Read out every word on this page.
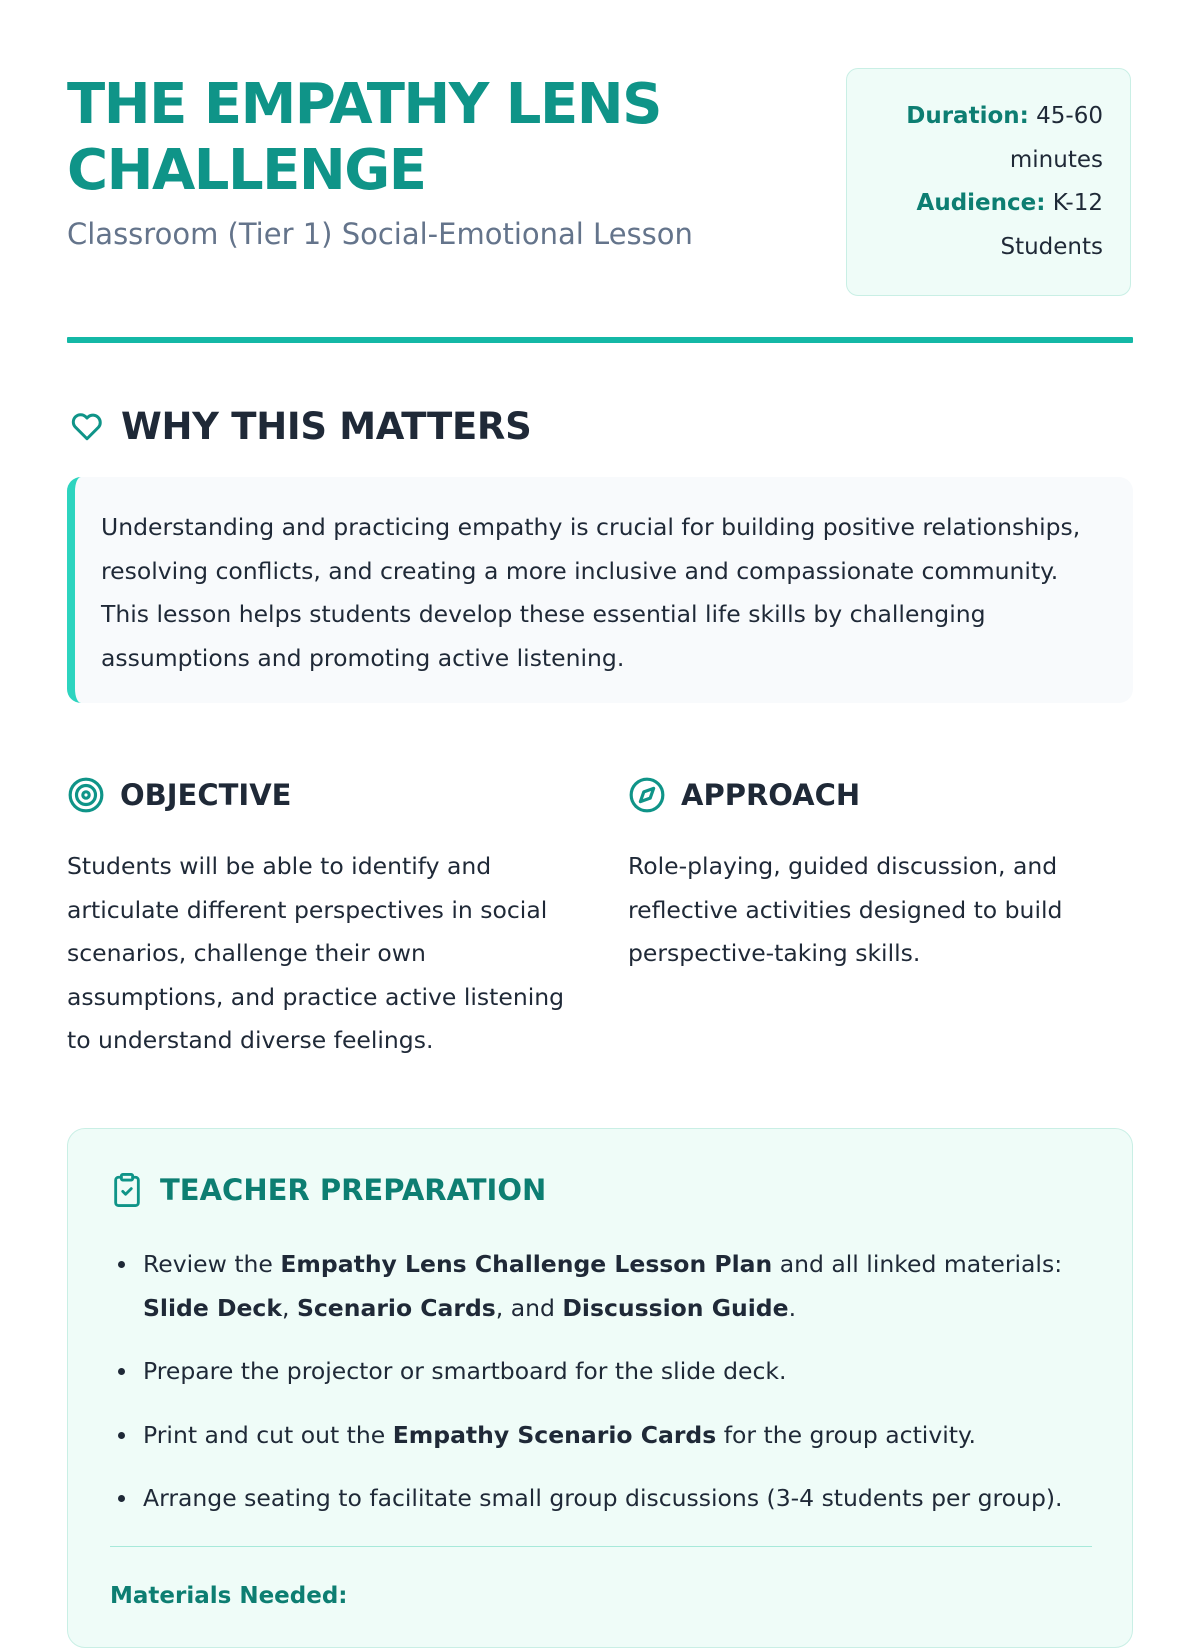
THE EMPATHY LENS CHALLENGE

Classroom (Tier 1) Social-Emotional Lesson

Duration: 45-60 minutes
Audience: K-12 Students
WHY THIS MATTERS
Understanding and practicing empathy is crucial for building positive relationships, resolving conflicts, and creating a more inclusive and compassionate community. This lesson helps students develop these essential life skills by challenging assumptions and promoting active listening.
OBJECTIVE

Students will be able to identify and articulate different perspectives in social scenarios, challenge their own assumptions, and practice active listening to understand diverse feelings.

APPROACH

Role-playing, guided discussion, and reflective activities designed to build perspective-taking skills.

TEACHER PREPARATION
Review the Empathy Lens Challenge Lesson Plan and all linked materials: Slide Deck, Scenario Cards, and Discussion Guide.
Prepare the projector or smartboard for the slide deck.
Print and cut out the Empathy Scenario Cards for the group activity.
Arrange seating to facilitate small group discussions (3-4 students per group).
Materials Needed:
